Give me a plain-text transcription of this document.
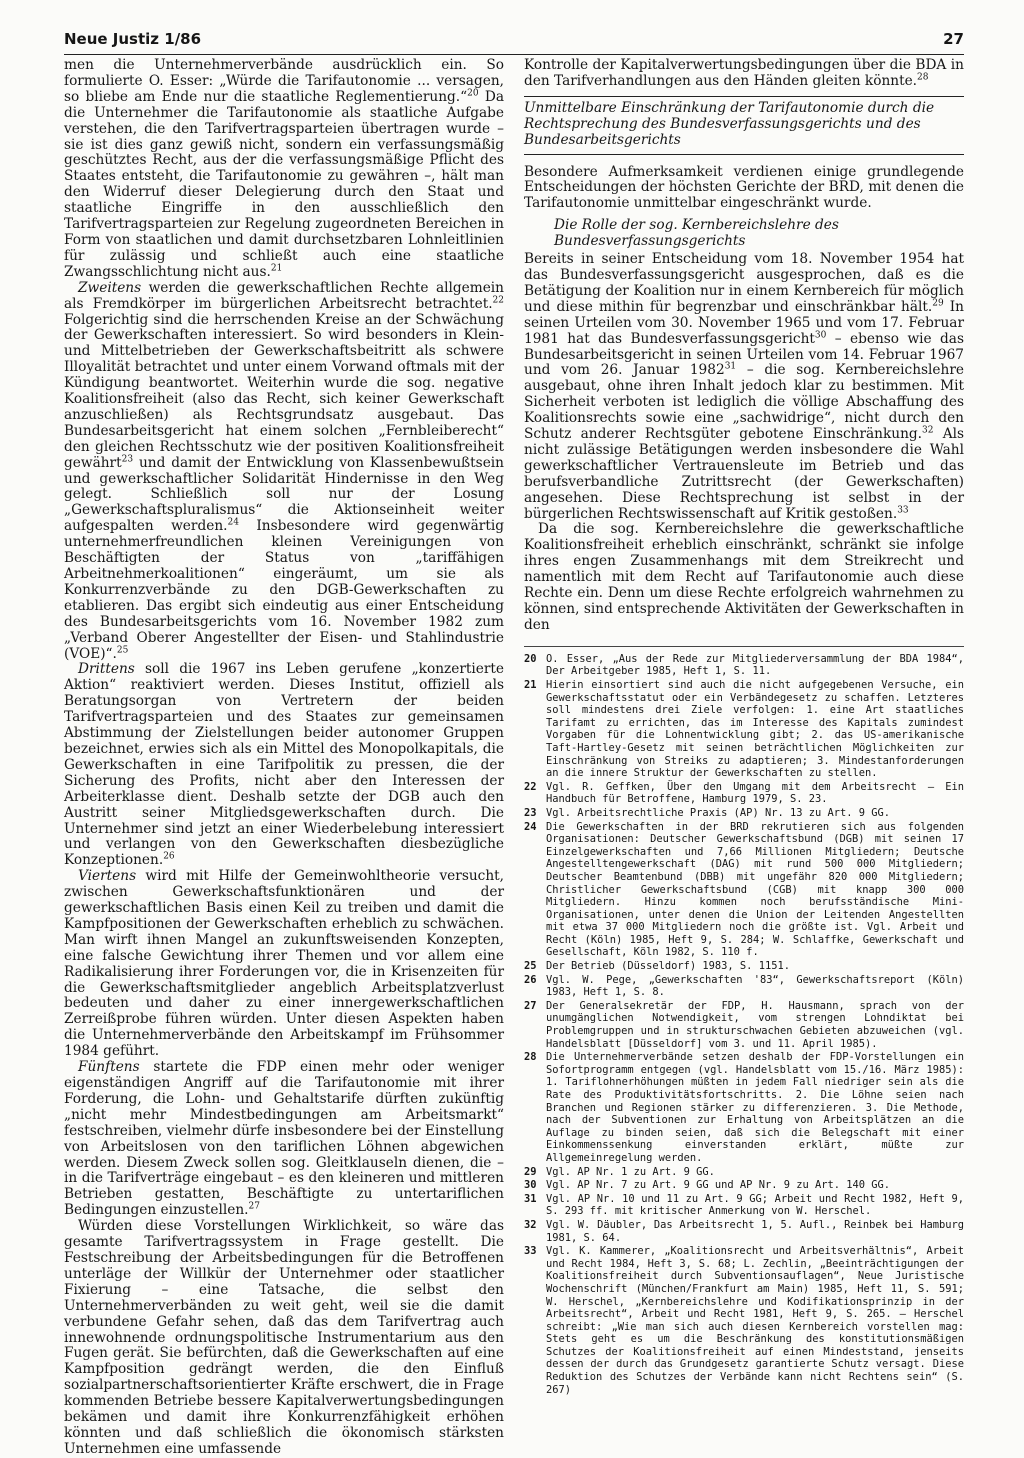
Neue Justiz 1/86	27

men die Unternehmerverbände ausdrücklich ein. So formulierte O. Esser: „Würde die Tarifautonomie ... versagen, so bliebe am Ende nur die staatliche Reglementierung.“$^{20}$ Da die Unternehmer die Tarifautonomie als staatliche Aufgabe verstehen, die den Tarifvertragsparteien übertragen wurde – sie ist dies ganz gewiß nicht, sondern ein verfassungsmäßig geschütztes Recht, aus der die verfassungsmäßige Pflicht des Staates entsteht, die Tarifautonomie zu gewähren –, hält man den Widerruf dieser Delegierung durch den Staat und staatliche Eingriffe in den ausschließlich den Tarifvertragsparteien zur Regelung zugeordneten Bereichen in Form von staatlichen und damit durchsetzbaren Lohnleitlinien für zulässig und schließt auch eine staatliche Zwangsschlichtung nicht aus.$^{21}$

Zweitens werden die gewerkschaftlichen Rechte allgemein als Fremdkörper im bürgerlichen Arbeitsrecht betrachtet.$^{22}$ Folgerichtig sind die herrschenden Kreise an der Schwächung der Gewerkschaften interessiert. So wird besonders in Klein- und Mittelbetrieben der Gewerkschaftsbeitritt als schwere Illoyalität betrachtet und unter einem Vorwand oftmals mit der Kündigung beantwortet. Weiterhin wurde die sog. negative Koalitionsfreiheit (also das Recht, sich keiner Gewerkschaft anzuschließen) als Rechtsgrundsatz ausgebaut. Das Bundesarbeitsgericht hat einem solchen „Fernbleiberecht“ den gleichen Rechtsschutz wie der positiven Koalitionsfreiheit gewährt$^{23}$ und damit der Entwicklung von Klassenbewußtsein und gewerkschaftlicher Solidarität Hindernisse in den Weg gelegt. Schließlich soll nur der Losung „Gewerkschaftspluralismus“ die Aktionseinheit weiter aufgespalten werden.$^{24}$ Insbesondere wird gegenwärtig unternehmerfreundlichen kleinen Vereinigungen von Beschäftigten der Status von „tariffähigen Arbeitnehmerkoalitionen“ eingeräumt, um sie als Konkurrenzverbände zu den DGB-Gewerkschaften zu etablieren. Das ergibt sich eindeutig aus einer Entscheidung des Bundesarbeitsgerichts vom 16. November 1982 zum „Verband Oberer Angestellter der Eisen- und Stahlindustrie (VOE)“.$^{25}$

Drittens soll die 1967 ins Leben gerufene „konzertierte Aktion“ reaktiviert werden. Dieses Institut, offiziell als Beratungsorgan von Vertretern der beiden Tarifvertragsparteien und des Staates zur gemeinsamen Abstimmung der Zielstellungen beider autonomer Gruppen bezeichnet, erwies sich als ein Mittel des Monopolkapitals, die Gewerkschaften in eine Tarifpolitik zu pressen, die der Sicherung des Profits, nicht aber den Interessen der Arbeiterklasse dient. Deshalb setzte der DGB auch den Austritt seiner Mitgliedsgewerkschaften durch. Die Unternehmer sind jetzt an einer Wiederbelebung interessiert und verlangen von den Gewerkschaften diesbezügliche Konzeptionen.$^{26}$

Viertens wird mit Hilfe der Gemeinwohltheorie versucht, zwischen Gewerkschaftsfunktionären und der gewerkschaftlichen Basis einen Keil zu treiben und damit die Kampfpositionen der Gewerkschaften erheblich zu schwächen. Man wirft ihnen Mangel an zukunftsweisenden Konzepten, eine falsche Gewichtung ihrer Themen und vor allem eine Radikalisierung ihrer Forderungen vor, die in Krisenzeiten für die Gewerkschaftsmitglieder angeblich Arbeitsplatzverlust bedeuten und daher zu einer innergewerkschaftlichen Zerreißprobe führen würden. Unter diesen Aspekten haben die Unternehmerverbände den Arbeitskampf im Frühsommer 1984 geführt.

Fünftens startete die FDP einen mehr oder weniger eigenständigen Angriff auf die Tarifautonomie mit ihrer Forderung, die Lohn- und Gehaltstarife dürften zukünftig „nicht mehr Mindestbedingungen am Arbeitsmarkt“ festschreiben, vielmehr dürfe insbesondere bei der Einstellung von Arbeitslosen von den tariflichen Löhnen abgewichen werden. Diesem Zweck sollen sog. Gleitklauseln dienen, die – in die Tarifverträge eingebaut – es den kleineren und mittleren Betrieben gestatten, Beschäftigte zu untertariflichen Bedingungen einzustellen.$^{27}$

Würden diese Vorstellungen Wirklichkeit, so wäre das gesamte Tarifvertragssystem in Frage gestellt. Die Festschreibung der Arbeitsbedingungen für die Betroffenen unterläge der Willkür der Unternehmer oder staatlicher Fixierung – eine Tatsache, die selbst den Unternehmerverbänden zu weit geht, weil sie die damit verbundene Gefahr sehen, daß das dem Tarifvertrag auch innewohnende ordnungspolitische Instrumentarium aus den Fugen gerät. Sie befürchten, daß die Gewerkschaften auf eine Kampfposition gedrängt werden, die den Einfluß sozialpartnerschaftsorientierter Kräfte erschwert, die in Frage kommenden Betriebe bessere Kapitalverwertungsbedingungen bekämen und damit ihre Konkurrenzfähigkeit erhöhen könnten und daß schließlich die ökonomisch stärksten Unternehmen eine umfassende

Kontrolle der Kapitalverwertungsbedingungen über die BDA in den Tarifverhandlungen aus den Händen gleiten könnte.$^{28}$

Unmittelbare Einschränkung der Tarifautonomie durch die Rechtsprechung des Bundesverfassungsgerichts und des Bundesarbeitsgerichts

Besondere Aufmerksamkeit verdienen einige grundlegende Entscheidungen der höchsten Gerichte der BRD, mit denen die Tarifautonomie unmittelbar eingeschränkt wurde.

Die Rolle der sog. Kernbereichslehre des Bundesverfassungsgerichts

Bereits in seiner Entscheidung vom 18. November 1954 hat das Bundesverfassungsgericht ausgesprochen, daß es die Betätigung der Koalition nur in einem Kernbereich für möglich und diese mithin für begrenzbar und einschränkbar hält.$^{29}$ In seinen Urteilen vom 30. November 1965 und vom 17. Februar 1981 hat das Bundesverfassungsgericht$^{30}$ – ebenso wie das Bundesarbeitsgericht in seinen Urteilen vom 14. Februar 1967 und vom 26. Januar 1982$^{31}$ – die sog. Kernbereichslehre ausgebaut, ohne ihren Inhalt jedoch klar zu bestimmen. Mit Sicherheit verboten ist lediglich die völlige Abschaffung des Koalitionsrechts sowie eine „sachwidrige“, nicht durch den Schutz anderer Rechtsgüter gebotene Einschränkung.$^{32}$ Als nicht zulässige Betätigungen werden insbesondere die Wahl gewerkschaftlicher Vertrauensleute im Betrieb und das berufsverbandliche Zutrittsrecht (der Gewerkschaften) angesehen. Diese Rechtsprechung ist selbst in der bürgerlichen Rechtswissenschaft auf Kritik gestoßen.$^{33}$

Da die sog. Kernbereichslehre die gewerkschaftliche Koalitionsfreiheit erheblich einschränkt, schränkt sie infolge ihres engen Zusammenhangs mit dem Streikrecht und namentlich mit dem Recht auf Tarifautonomie auch diese Rechte ein. Denn um diese Rechte erfolgreich wahrnehmen zu können, sind entsprechende Aktivitäten der Gewerkschaften in den

20 O. Esser, „Aus der Rede zur Mitgliederversammlung der BDA 1984“, Der Arbeitgeber 1985, Heft 1, S. 11.
21 Hierin einsortiert sind auch die nicht aufgegebenen Versuche, ein Gewerkschaftsstatut oder ein Verbändegesetz zu schaffen. Letzteres soll mindestens drei Ziele verfolgen: 1. eine Art staatliches Tarifamt zu errichten, das im Interesse des Kapitals zumindest Vorgaben für die Lohnentwicklung gibt; 2. das US-amerikanische Taft-Hartley-Gesetz mit seinen beträchtlichen Möglichkeiten zur Einschränkung von Streiks zu adaptieren; 3. Mindestanforderungen an die innere Struktur der Gewerkschaften zu stellen.
22 Vgl. R. Geffken, Über den Umgang mit dem Arbeitsrecht – Ein Handbuch für Betroffene, Hamburg 1979, S. 23.
23 Vgl. Arbeitsrechtliche Praxis (AP) Nr. 13 zu Art. 9 GG.
24 Die Gewerkschaften in der BRD rekrutieren sich aus folgenden Organisationen: Deutscher Gewerkschaftsbund (DGB) mit seinen 17 Einzelgewerkschaften und 7,66 Millionen Mitgliedern; Deutsche Angestelltengewerkschaft (DAG) mit rund 500 000 Mitgliedern; Deutscher Beamtenbund (DBB) mit ungefähr 820 000 Mitgliedern; Christlicher Gewerkschaftsbund (CGB) mit knapp 300 000 Mitgliedern. Hinzu kommen noch berufsständische Mini-Organisationen, unter denen die Union der Leitenden Angestellten mit etwa 37 000 Mitgliedern noch die größte ist. Vgl. Arbeit und Recht (Köln) 1985, Heft 9, S. 284; W. Schlaffke, Gewerkschaft und Gesellschaft, Köln 1982, S. 110 f.
25 Der Betrieb (Düsseldorf) 1983, S. 1151.
26 Vgl. W. Pege, „Gewerkschaften '83“, Gewerkschaftsreport (Köln) 1983, Heft 1, S. 8.
27 Der Generalsekretär der FDP, H. Hausmann, sprach von der unumgänglichen Notwendigkeit, vom strengen Lohndiktat bei Problemgruppen und in strukturschwachen Gebieten abzuweichen (vgl. Handelsblatt [Düsseldorf] vom 3. und 11. April 1985).
28 Die Unternehmerverbände setzen deshalb der FDP-Vorstellungen ein Sofortprogramm entgegen (vgl. Handelsblatt vom 15./16. März 1985): 1. Tariflohnerhöhungen müßten in jedem Fall niedriger sein als die Rate des Produktivitätsfortschritts. 2. Die Löhne seien nach Branchen und Regionen stärker zu differenzieren. 3. Die Methode, nach der Subventionen zur Erhaltung von Arbeitsplätzen an die Auflage zu binden seien, daß sich die Belegschaft mit einer Einkommenssenkung einverstanden erklärt, müßte zur Allgemeinregelung werden.
29 Vgl. AP Nr. 1 zu Art. 9 GG.
30 Vgl. AP Nr. 7 zu Art. 9 GG und AP Nr. 9 zu Art. 140 GG.
31 Vgl. AP Nr. 10 und 11 zu Art. 9 GG; Arbeit und Recht 1982, Heft 9, S. 293 ff. mit kritischer Anmerkung von W. Herschel.
32 Vgl. W. Däubler, Das Arbeitsrecht 1, 5. Aufl., Reinbek bei Hamburg 1981, S. 64.
33 Vgl. K. Kammerer, „Koalitionsrecht und Arbeitsverhältnis“, Arbeit und Recht 1984, Heft 3, S. 68; L. Zechlin, „Beeinträchtigungen der Koalitionsfreiheit durch Subventionsauflagen“, Neue Juristische Wochenschrift (München/Frankfurt am Main) 1985, Heft 11, S. 591; W. Herschel, „Kernbereichslehre und Kodifikationsprinzip in der Arbeitsrecht“, Arbeit und Recht 1981, Heft 9, S. 265. – Herschel schreibt: „Wie man sich auch diesen Kernbereich vorstellen mag: Stets geht es um die Beschränkung des konstitutionsmäßigen Schutzes der Koalitionsfreiheit auf einen Mindeststand, jenseits dessen der durch das Grundgesetz garantierte Schutz versagt. Diese Reduktion des Schutzes der Verbände kann nicht Rechtens sein“ (S. 267)
